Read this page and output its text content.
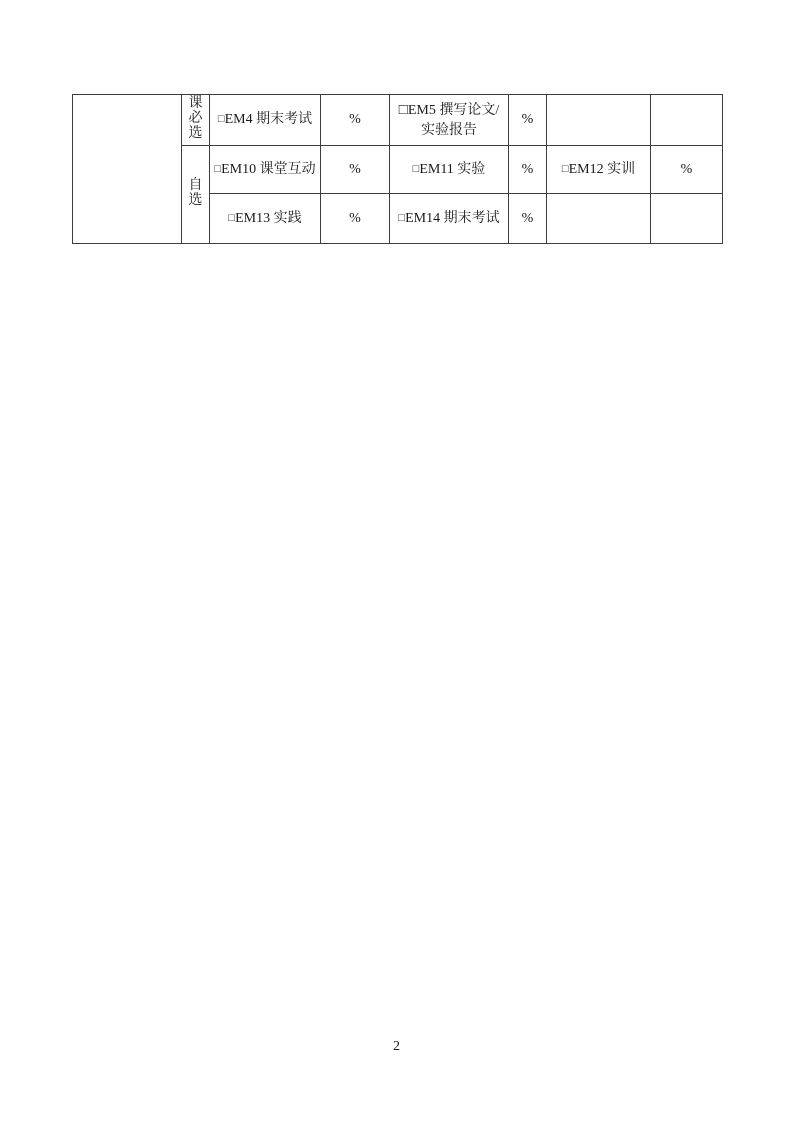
	课必选	□EM4 期末考试	%	□EM5 撰写论文/实验报告	%		
	自选	□EM10 课堂互动	%	□EM11 实验	%	□EM12 实训	%
		□EM13 实践	%	□EM14 期末考试	%		
2
